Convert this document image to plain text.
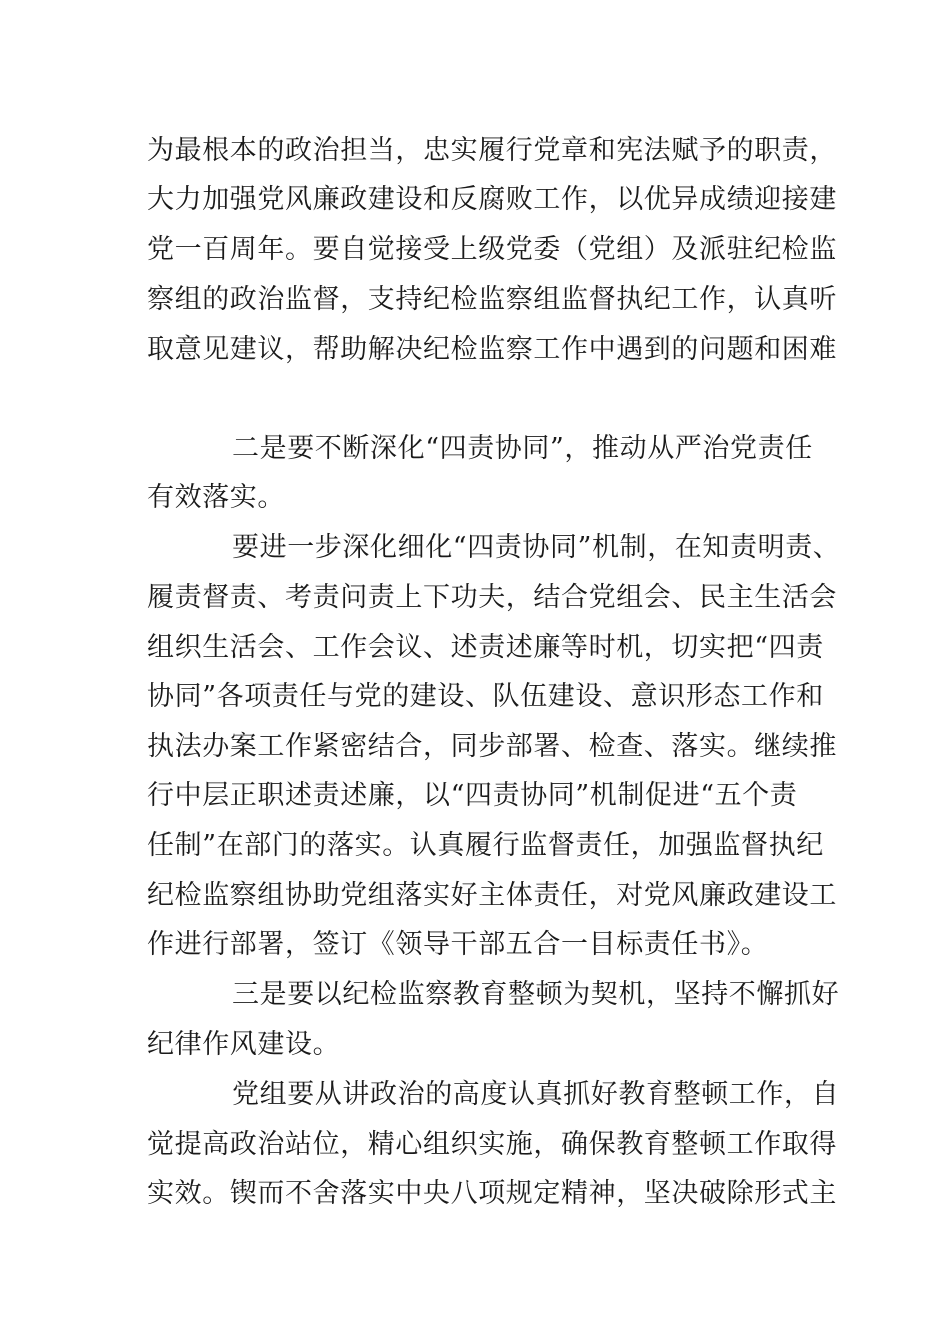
为最根本的政治担当，忠实履行党章和宪法赋予的职责，
大力加强党风廉政建设和反腐败工作，以优异成绩迎接建
党一百周年。要自觉接受上级党委（党组）及派驻纪检监
察组的政治监督，支持纪检监察组监督执纪工作，认真听
取意见建议，帮助解决纪检监察工作中遇到的问题和困难
二是要不断深化“四责协同”，推动从严治党责任
有效落实。
要进一步深化细化“四责协同”机制，在知责明责、
履责督责、考责问责上下功夫，结合党组会、民主生活会
组织生活会、工作会议、述责述廉等时机，切实把“四责
协同”各项责任与党的建设、队伍建设、意识形态工作和
执法办案工作紧密结合，同步部署、检查、落实。继续推
行中层正职述责述廉，以“四责协同”机制促进“五个责
任制”在部门的落实。认真履行监督责任，加强监督执纪
纪检监察组协助党组落实好主体责任，对党风廉政建设工
作进行部署，签订《领导干部五合一目标责任书》。
三是要以纪检监察教育整顿为契机，坚持不懈抓好
纪律作风建设。
党组要从讲政治的高度认真抓好教育整顿工作，自
觉提高政治站位，精心组织实施，确保教育整顿工作取得
实效。锲而不舍落实中央八项规定精神，坚决破除形式主
